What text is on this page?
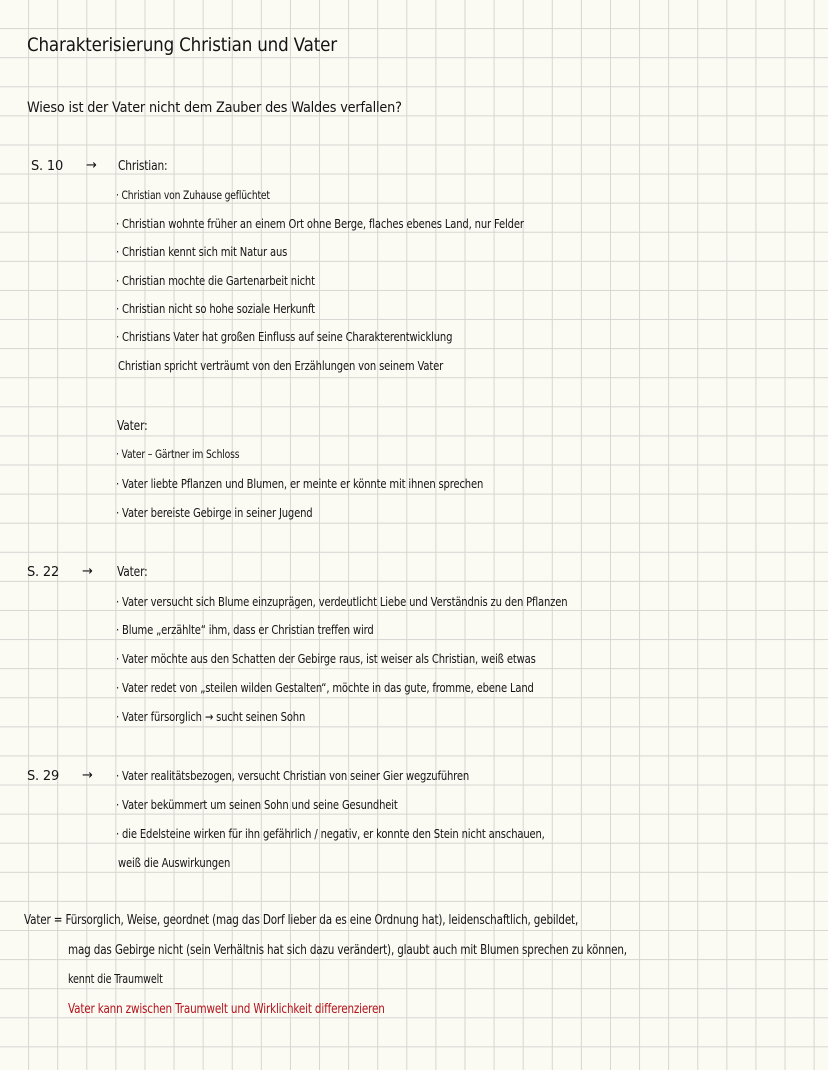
Charakterisierung Christian und Vater
Wieso ist der Vater nicht dem Zauber des Waldes verfallen?
S. 10 → Christian:
· Christian von Zuhause geflüchtet
· Christian wohnte früher an einem Ort ohne Berge, flaches ebenes Land, nur Felder
· Christian kennt sich mit Natur aus
· Christian mochte die Gartenarbeit nicht
· Christian nicht so hohe soziale Herkunft
· Christians Vater hat großen Einfluss auf seine Charakterentwicklung
Christian spricht verträumt von den Erzählungen von seinem Vater
Vater:
· Vater – Gärtner im Schloss
· Vater liebte Pflanzen und Blumen, er meinte er könnte mit ihnen sprechen
· Vater bereiste Gebirge in seiner Jugend
S. 22 → Vater:
· Vater versucht sich Blume einzuprägen, verdeutlicht Liebe und Verständnis zu den Pflanzen
· Blume „erzählte“ ihm, dass er Christian treffen wird
· Vater möchte aus den Schatten der Gebirge raus, ist weiser als Christian, weiß etwas
· Vater redet von „steilen wilden Gestalten“, möchte in das gute, fromme, ebene Land
· Vater fürsorglich → sucht seinen Sohn
S. 29 → · Vater realitätsbezogen, versucht Christian von seiner Gier wegzuführen
· Vater bekümmert um seinen Sohn und seine Gesundheit
· die Edelsteine wirken für ihn gefährlich / negativ, er konnte den Stein nicht anschauen,
weiß die Auswirkungen
Vater = Fürsorglich, Weise, geordnet (mag das Dorf lieber da es eine Ordnung hat), leidenschaftlich, gebildet,
mag das Gebirge nicht (sein Verhältnis hat sich dazu verändert), glaubt auch mit Blumen sprechen zu können,
kennt die Traumwelt
Vater kann zwischen Traumwelt und Wirklichkeit differenzieren
